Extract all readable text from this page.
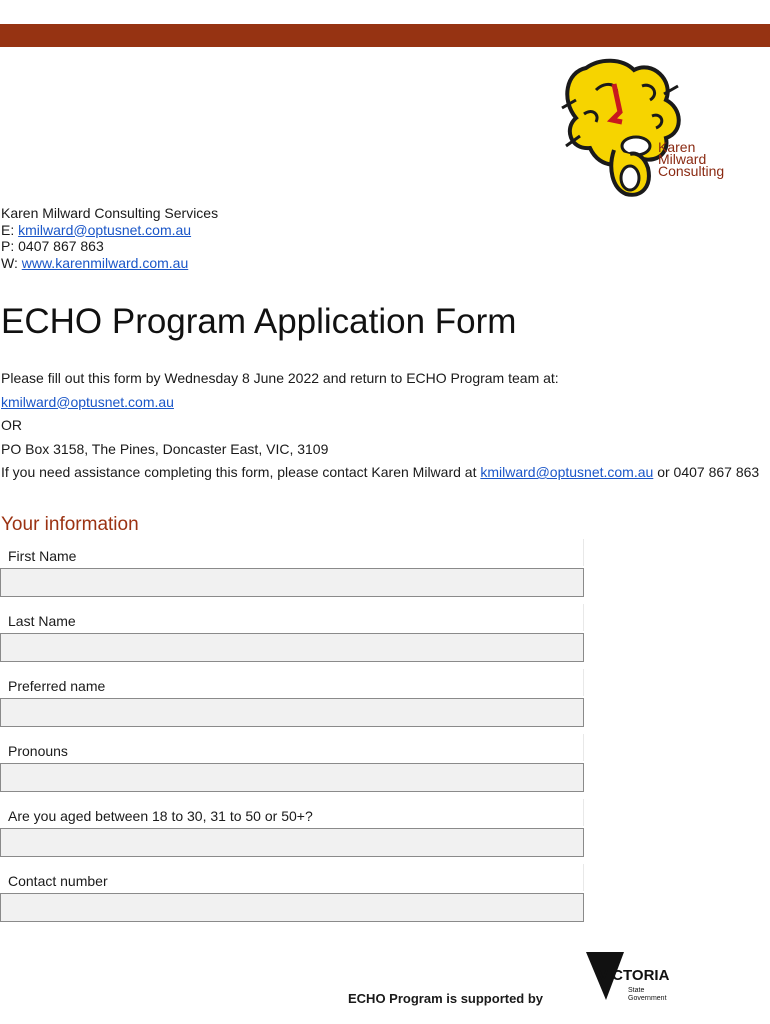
Karen
Milward
Consulting
Karen Milward Consulting Services
E: kmilward@optusnet.com.au
P: 0407 867 863
W: www.karenmilward.com.au
ECHO Program Application Form

Please fill out this form by Wednesday 8 June 2022 and return to ECHO Program team at:

kmilward@optusnet.com.au

OR

PO Box 3158, The Pines, Doncaster East, VIC, 3109

If you need assistance completing this form, please contact Karen Milward at kmilward@optusnet.com.au or 0407 867 863

Your information
First Name
Last Name
Preferred name
Pronouns
Are you aged between 18 to 30, 31 to 50 or 50+?
Contact number
ECHO Program is supported by
VICTORIA
State
Government
